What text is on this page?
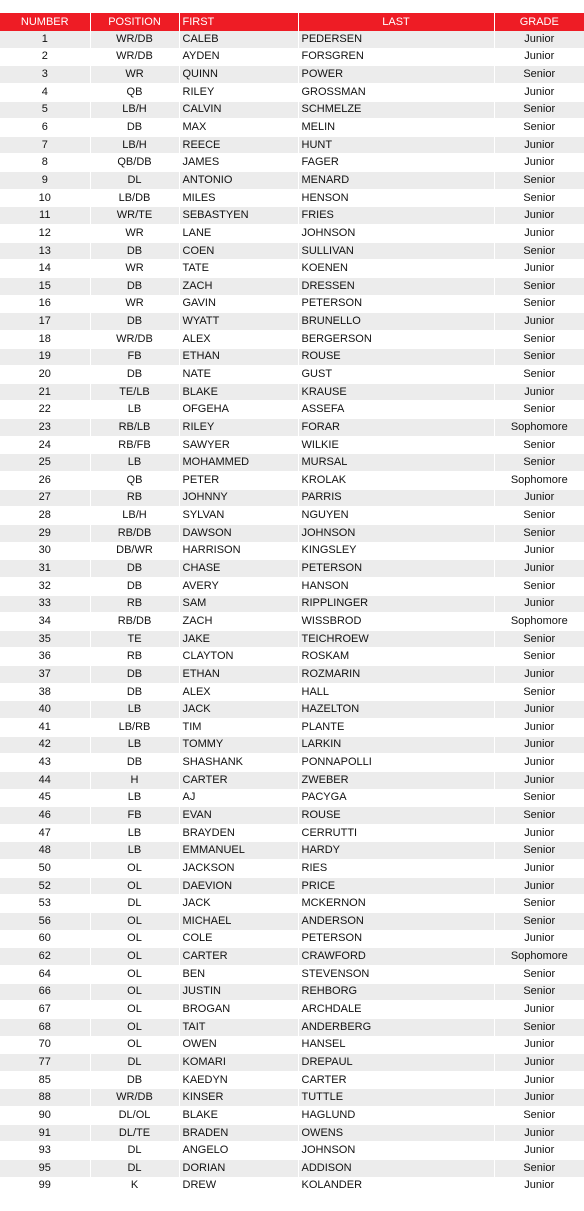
NUMBER	POSITION	FIRST	LAST	GRADE
1	WR/DB	CALEB	PEDERSEN	Junior
2	WR/DB	AYDEN	FORSGREN	Junior
3	WR	QUINN	POWER	Senior
4	QB	RILEY	GROSSMAN	Junior
5	LB/H	CALVIN	SCHMELZE	Senior
6	DB	MAX	MELIN	Senior
7	LB/H	REECE	HUNT	Junior
8	QB/DB	JAMES	FAGER	Junior
9	DL	ANTONIO	MENARD	Senior
10	LB/DB	MILES	HENSON	Senior
11	WR/TE	SEBASTYEN	FRIES	Junior
12	WR	LANE	JOHNSON	Junior
13	DB	COEN	SULLIVAN	Senior
14	WR	TATE	KOENEN	Junior
15	DB	ZACH	DRESSEN	Senior
16	WR	GAVIN	PETERSON	Senior
17	DB	WYATT	BRUNELLO	Junior
18	WR/DB	ALEX	BERGERSON	Senior
19	FB	ETHAN	ROUSE	Senior
20	DB	NATE	GUST	Senior
21	TE/LB	BLAKE	KRAUSE	Junior
22	LB	OFGEHA	ASSEFA	Senior
23	RB/LB	RILEY	FORAR	Sophomore
24	RB/FB	SAWYER	WILKIE	Senior
25	LB	MOHAMMED	MURSAL	Senior
26	QB	PETER	KROLAK	Sophomore
27	RB	JOHNNY	PARRIS	Junior
28	LB/H	SYLVAN	NGUYEN	Senior
29	RB/DB	DAWSON	JOHNSON	Senior
30	DB/WR	HARRISON	KINGSLEY	Junior
31	DB	CHASE	PETERSON	Junior
32	DB	AVERY	HANSON	Senior
33	RB	SAM	RIPPLINGER	Junior
34	RB/DB	ZACH	WISSBROD	Sophomore
35	TE	JAKE	TEICHROEW	Senior
36	RB	CLAYTON	ROSKAM	Senior
37	DB	ETHAN	ROZMARIN	Junior
38	DB	ALEX	HALL	Senior
40	LB	JACK	HAZELTON	Junior
41	LB/RB	TIM	PLANTE	Junior
42	LB	TOMMY	LARKIN	Junior
43	DB	SHASHANK	PONNAPOLLI	Junior
44	H	CARTER	ZWEBER	Junior
45	LB	AJ	PACYGA	Senior
46	FB	EVAN	ROUSE	Senior
47	LB	BRAYDEN	CERRUTTI	Junior
48	LB	EMMANUEL	HARDY	Senior
50	OL	JACKSON	RIES	Junior
52	OL	DAEVION	PRICE	Junior
53	DL	JACK	MCKERNON	Senior
56	OL	MICHAEL	ANDERSON	Senior
60	OL	COLE	PETERSON	Junior
62	OL	CARTER	CRAWFORD	Sophomore
64	OL	BEN	STEVENSON	Senior
66	OL	JUSTIN	REHBORG	Senior
67	OL	BROGAN	ARCHDALE	Junior
68	OL	TAIT	ANDERBERG	Senior
70	OL	OWEN	HANSEL	Junior
77	DL	KOMARI	DREPAUL	Junior
85	DB	KAEDYN	CARTER	Junior
88	WR/DB	KINSER	TUTTLE	Junior
90	DL/OL	BLAKE	HAGLUND	Senior
91	DL/TE	BRADEN	OWENS	Junior
93	DL	ANGELO	JOHNSON	Junior
95	DL	DORIAN	ADDISON	Senior
99	K	DREW	KOLANDER	Junior
